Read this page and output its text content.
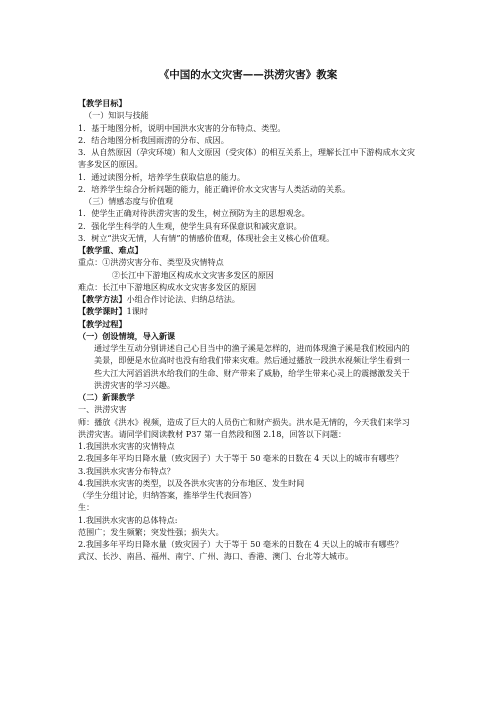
《中国的水文灾害——洪涝灾害》教案
【教学目标】
（一）知识与技能
1．基于地图分析，说明中国洪水灾害的分布特点、类型。
2．结合地图分析我国雨涝的分布、成因。
3．从自然原因（孕灾环境）和人文原因（受灾体）的相互关系上，理解长江中下游构成水文灾害多发区的原因。
1．通过读图分析，培养学生获取信息的能力。
2．培养学生综合分析问题的能力，能正确评价水文灾害与人类活动的关系。
（三）情感态度与价值观
1．使学生正确对待洪涝灾害的发生，树立预防为主的思想观念。
2．强化学生科学的人生观，使学生具有环保意识和减灾意识。
3．树立“洪灾无情，人有情”的情感价值观，体现社会主义核心价值观。
【教学重、难点】
重点：①洪涝灾害分布、类型及灾情特点
②长江中下游地区构成水文灾害多发区的原因
难点：长江中下游地区构成水文灾害多发区的原因
【教学方法】小组合作讨论法、归纳总结法。
【教学课时】1课时
【教学过程】
（一）创设情境，导入新课
通过学生互动分别讲述自己心目当中的渔子溪是怎样的，进而体现渔子溪是我们校园内的美景，即便是水位高时也没有给我们带来灾难。然后通过播放一段洪水视频让学生看到一些大江大河滔滔洪水给我们的生命、财产带来了威胁，给学生带来心灵上的震撼激发关于洪涝灾害的学习兴趣。
（二）新课教学
一、洪涝灾害
师：播放《洪水》视频，造成了巨大的人员伤亡和财产损失。洪水是无情的，今天我们来学习洪涝灾害。请同学们阅读教材 P37 第一自然段和图 2.18，回答以下问题：
1.我国洪水灾害的灾情特点
2.我国多年平均日降水量（致灾因子）大于等于 50 毫米的日数在 4 天以上的城市有哪些？
3.我国洪水灾害分布特点？
4.我国洪水灾害的类型，以及各洪水灾害的分布地区、发生时间
（学生分组讨论，归纳答案，推举学生代表回答）
生：
1.我国洪水灾害的总体特点:
范围广；发生频繁；突发性强；损失大。
2.我国多年平均日降水量（致灾因子）大于等于 50 毫米的日数在 4 天以上的城市有哪些？
武汉、长沙、南昌、福州、南宁、广州、海口、香港、澳门、台北等大城市。
